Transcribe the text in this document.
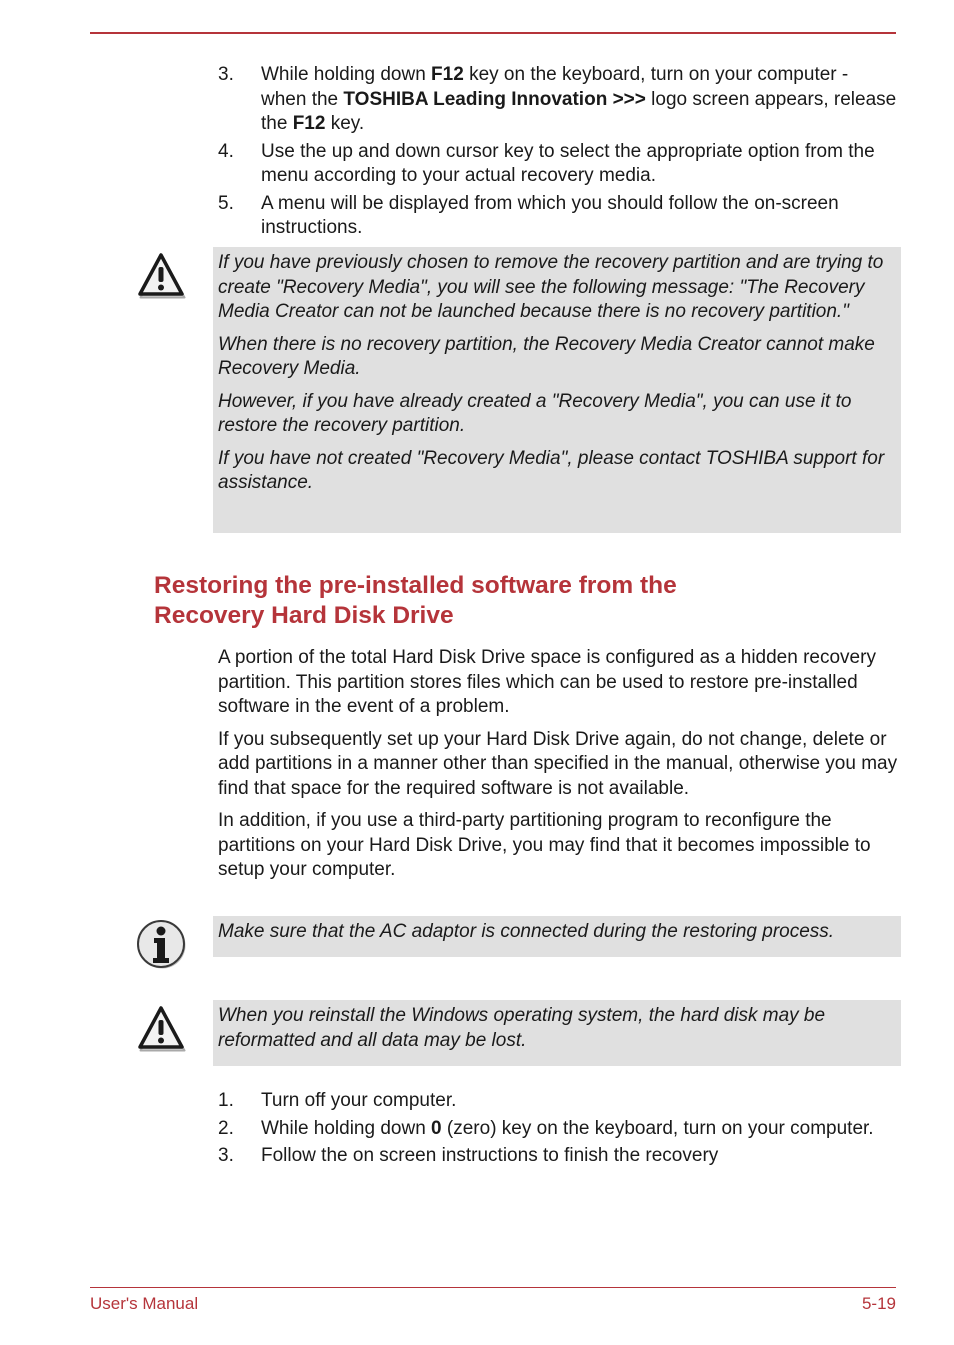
3. While holding down F12 key on the keyboard, turn on your computer - when the TOSHIBA Leading Innovation >>> logo screen appears, release the F12 key.
4. Use the up and down cursor key to select the appropriate option from the menu according to your actual recovery media.
5. A menu will be displayed from which you should follow the on-screen instructions.

If you have previously chosen to remove the recovery partition and are trying to create "Recovery Media", you will see the following message: "The Recovery Media Creator can not be launched because there is no recovery partition."

When there is no recovery partition, the Recovery Media Creator cannot make Recovery Media.

However, if you have already created a "Recovery Media", you can use it to restore the recovery partition.

If you have not created "Recovery Media", please contact TOSHIBA support for assistance.

Restoring the pre-installed software from the
Recovery Hard Disk Drive

A portion of the total Hard Disk Drive space is configured as a hidden recovery partition. This partition stores files which can be used to restore pre-installed software in the event of a problem.

If you subsequently set up your Hard Disk Drive again, do not change, delete or add partitions in a manner other than specified in the manual, otherwise you may find that space for the required software is not available.

In addition, if you use a third-party partitioning program to reconfigure the partitions on your Hard Disk Drive, you may find that it becomes impossible to setup your computer.

Make sure that the AC adaptor is connected during the restoring process.

When you reinstall the Windows operating system, the hard disk may be reformatted and all data may be lost.

1. Turn off your computer.
2. While holding down 0 (zero) key on the keyboard, turn on your computer.
3. Follow the on screen instructions to finish the recovery
User's Manual	5-19
